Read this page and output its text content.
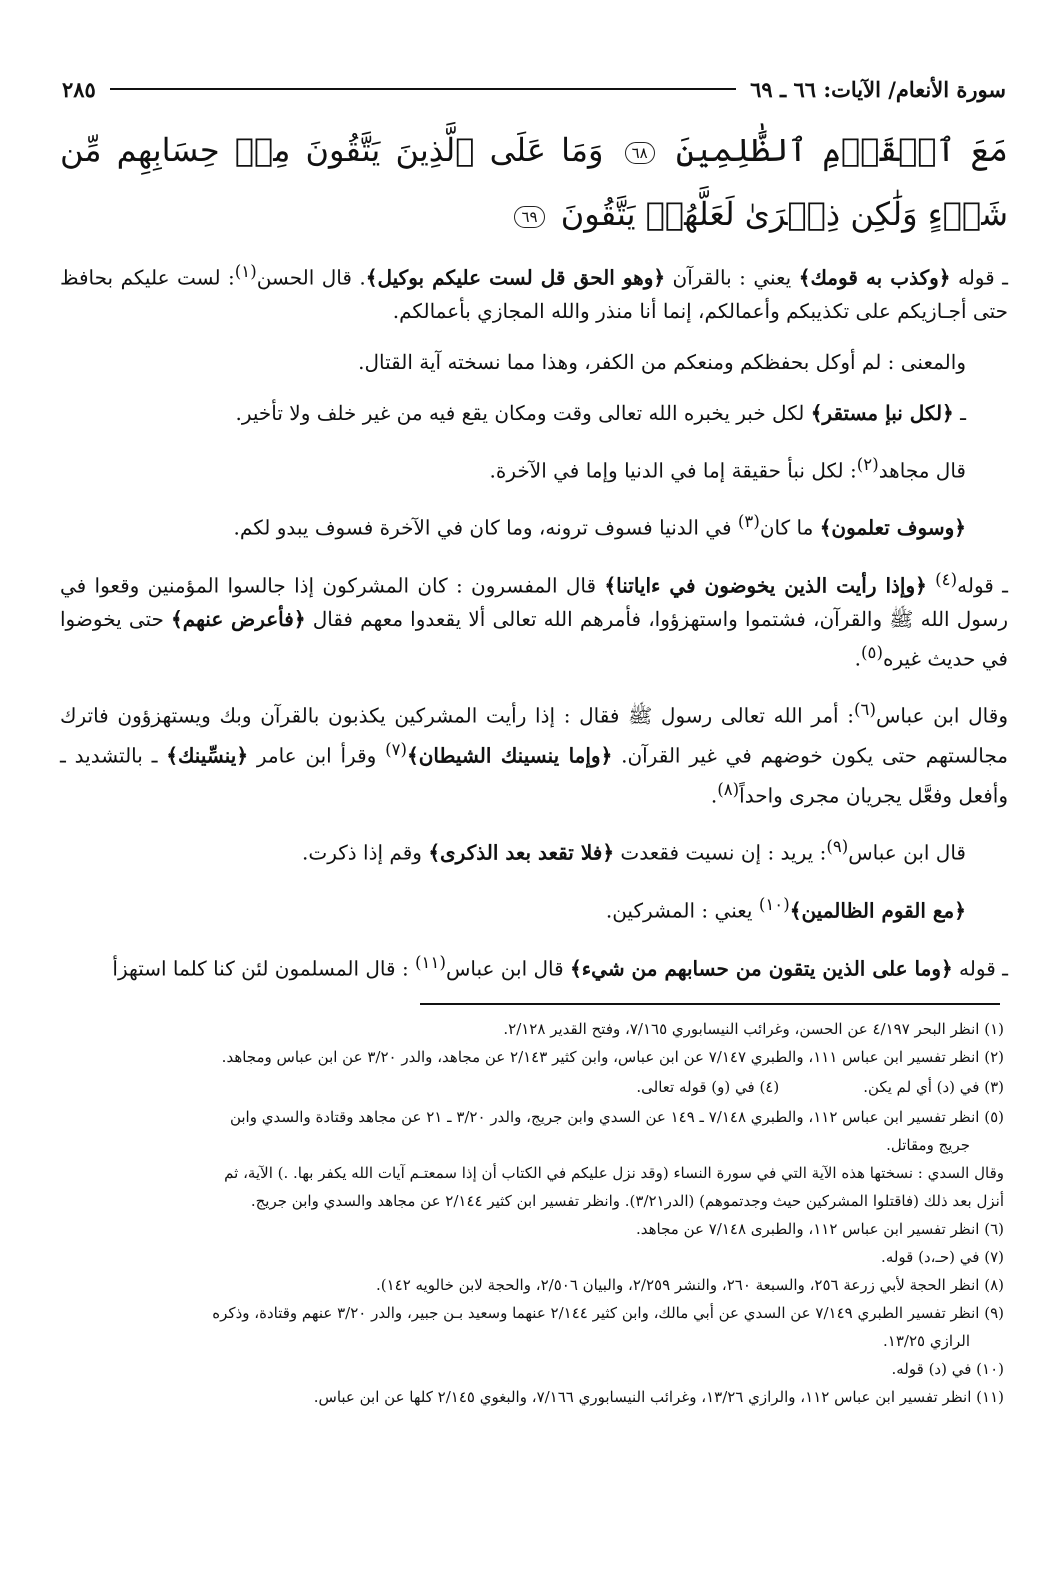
سورة الأنعام/ الآيات: ٦٦ ـ ٦٩
٢٨٥
مَعَ ٱلۡقَوۡمِ ٱلظَّٰلِمِينَ ٦٨ وَمَا عَلَى ٱلَّذِينَ يَتَّقُونَ مِنۡ حِسَابِهِم مِّن شَيۡءٍ وَلَٰكِن ذِكۡرَىٰ لَعَلَّهُمۡ يَتَّقُونَ ٦٩

ـ قوله ﴿وكذب به قومك﴾ يعني : بالقرآن ﴿وهو الحق قل لست عليكم بوكيل﴾. قال الحسن$^{(١)}$: لست عليكم بحافظ حتى أجـازيكم على تكذيبكم وأعمالكم، إنما أنا منذر والله المجازي بأعمالكم.

والمعنى : لم أوكل بحفظكم ومنعكم من الكفر، وهذا مما نسخته آية القتال.

ـ ﴿لكل نبإ مستقر﴾ لكل خبر يخبره الله تعالى وقت ومكان يقع فيه من غير خلف ولا تأخير.

قال مجاهد$^{(٢)}$: لكل نبأ حقيقة إما في الدنيا وإما في الآخرة.

﴿وسوف تعلمون﴾ ما كان$^{(٣)}$ في الدنيا فسوف ترونه، وما كان في الآخرة فسوف يبدو لكم.

ـ قوله$^{(٤)}$ ﴿وإذا رأيت الذين يخوضون في ءاياتنا﴾ قال المفسرون : كان المشركون إذا جالسوا المؤمنين وقعوا في رسول الله ﷺ والقرآن، فشتموا واستهزؤوا، فأمرهم الله تعالى ألا يقعدوا معهم فقال ﴿فأعرض عنهم﴾ حتى يخوضوا في حديث غيره$^{(٥)}$.

وقال ابن عباس$^{(٦)}$: أمر الله تعالى رسول ﷺ فقال : إذا رأيت المشركين يكذبون بالقرآن وبك ويستهزؤون فاترك مجالستهم حتى يكون خوضهم في غير القرآن. ﴿وإما ينسينك الشيطان﴾$^{(٧)}$ وقرأ ابن عامر ﴿ينسِّينك﴾ ـ بالتشديد ـ وأفعل وفعَّل يجريان مجرى واحداً$^{(٨)}$.

قال ابن عباس$^{(٩)}$: يريد : إن نسيت فقعدت ﴿فلا تقعد بعد الذكرى﴾ وقم إذا ذكرت.

﴿مع القوم الظالمين﴾$^{(١٠)}$ يعني : المشركين.

ـ قوله ﴿وما على الذين يتقون من حسابهم من شيء﴾ قال ابن عباس$^{(١١)}$ : قال المسلمون لئن كنا كلما استهزأ

(١) انظر البحر ٤/١٩٧ عن الحسن، وغرائب النيسابوري ٧/١٦٥، وفتح القدير ٢/١٢٨.
(٢) انظر تفسير ابن عباس ١١١، والطبري ٧/١٤٧ عن ابن عباس، وابن كثير ٢/١٤٣ عن مجاهد، والدر ٣/٢٠ عن ابن عباس ومجاهد.
(٣) في (د) أي لم يكن.
(٤) في (و) قوله تعالى.
(٥) انظر تفسير ابن عباس ١١٢، والطبري ٧/١٤٨ ـ ١٤٩ عن السدي وابن جريج، والدر ٣/٢٠ ـ ٢١ عن مجاهد وقتادة والسدي وابن
جريج ومقاتل.
وقال السدي : نسختها هذه الآية التي في سورة النساء (وقد نزل عليكم في الكتاب أن إذا سمعتـم آيات الله يكفر بها. .) الآية، ثم
أنزل بعد ذلك (فاقتلوا المشركين حيث وجدتموهم) (الدر٣/٢١). وانظر تفسير ابن كثير ٢/١٤٤ عن مجاهد والسدي وابن جريج.
(٦) انظر تفسير ابن عباس ١١٢، والطبرى ٧/١٤٨ عن مجاهد.
(٧) في (حـ،د) قوله.
(٨) انظر الحجة لأبي زرعة ٢٥٦، والسبعة ٢٦٠، والنشر ٢/٢٥٩، والبيان ٢/٥٠٦، والحجة لابن خالويه ١٤٢).
(٩) انظر تفسير الطبري ٧/١٤٩ عن السدي عن أبي مالك، وابن كثير ٢/١٤٤ عنهما وسعيد بـن جبير، والدر ٣/٢٠ عنهم وقتادة، وذكره
الرازي ١٣/٢٥.
(١٠) في (د) قوله.
(١١) انظر تفسير ابن عباس ١١٢، والرازي ١٣/٢٦، وغرائب النيسابوري ٧/١٦٦، والبغوي ٢/١٤٥ كلها عن ابن عباس.
